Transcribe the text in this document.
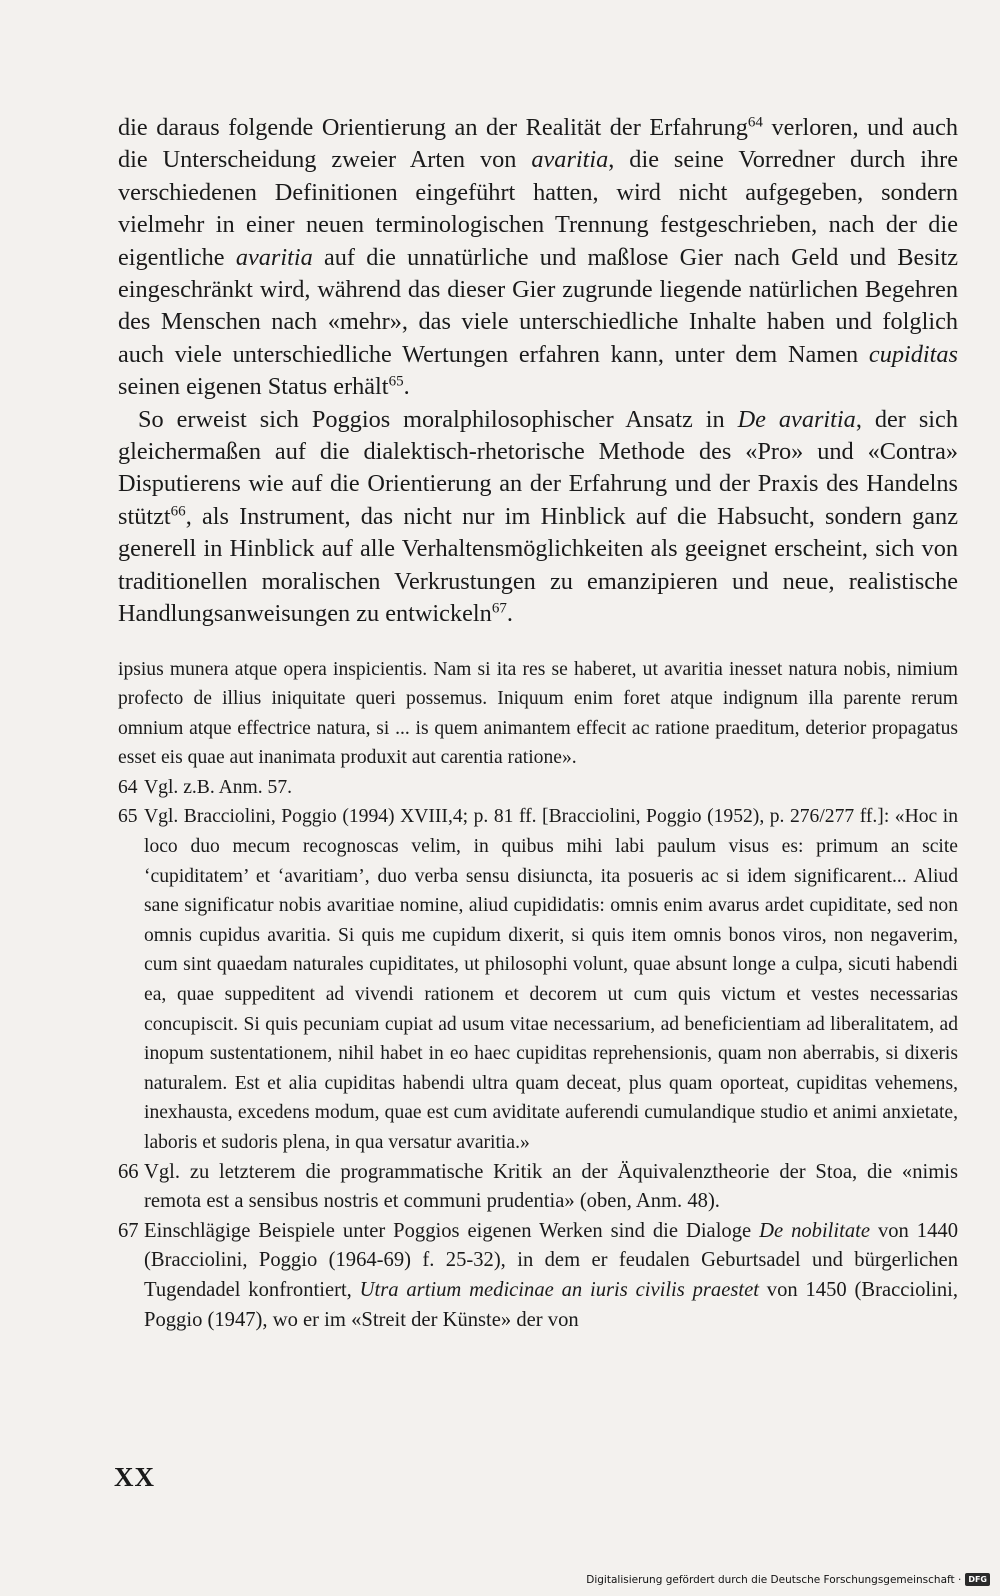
die daraus folgende Orientierung an der Realität der Erfahrung$^{64}$ verloren, und auch die Unterscheidung zweier Arten von avaritia, die seine Vorredner durch ihre verschiedenen Definitionen eingeführt hatten, wird nicht aufgegeben, sondern vielmehr in einer neuen terminologischen Trennung festgeschrieben, nach der die eigentliche avaritia auf die unnatürliche und maßlose Gier nach Geld und Besitz eingeschränkt wird, während das dieser Gier zugrunde liegende natürlichen Begehren des Menschen nach «mehr», das viele unterschiedliche Inhalte haben und folglich auch viele unterschiedliche Wertungen erfahren kann, unter dem Namen cupiditas seinen eigenen Status erhält$^{65}$.

So erweist sich Poggios moralphilosophischer Ansatz in De avaritia, der sich gleichermaßen auf die dialektisch-rhetorische Methode des «Pro» und «Contra» Disputierens wie auf die Orientierung an der Erfahrung und der Praxis des Handelns stützt$^{66}$, als Instrument, das nicht nur im Hinblick auf die Habsucht, sondern ganz generell in Hinblick auf alle Verhaltensmöglichkeiten als geeignet erscheint, sich von traditionellen moralischen Verkrustungen zu emanzipieren und neue, realistische Handlungsanweisungen zu entwickeln$^{67}$.

ipsius munera atque opera inspicientis. Nam si ita res se haberet, ut avaritia inesset natura nobis, nimium profecto de illius iniquitate queri possemus. Iniquum enim foret atque indignum illa parente rerum omnium atque effectrice natura, si ... is quem animantem effecit ac ratione praeditum, deterior propagatus esset eis quae aut inanimata produxit aut carentia ratione».

64 Vgl. z.B. Anm. 57.

65 Vgl. Bracciolini, Poggio (1994) XVIII,4; p. 81 ff. [Bracciolini, Poggio (1952), p. 276/277 ff.]: «Hoc in loco duo mecum recognoscas velim, in quibus mihi labi paulum visus es: primum an scite ‘cupiditatem’ et ‘avaritiam’, duo verba sensu disiuncta, ita posueris ac si idem significarent... Aliud sane significatur nobis avaritiae nomine, aliud cupididatis: omnis enim avarus ardet cupiditate, sed non omnis cupidus avaritia. Si quis me cupidum dixerit, si quis item omnis bonos viros, non negaverim, cum sint quaedam naturales cupiditates, ut philosophi volunt, quae absunt longe a culpa, sicuti habendi ea, quae suppeditent ad vivendi rationem et decorem ut cum quis victum et vestes necessarias concupiscit. Si quis pecuniam cupiat ad usum vitae necessarium, ad beneficientiam ad liberalitatem, ad inopum sustentationem, nihil habet in eo haec cupiditas reprehensionis, quam non aberrabis, si dixeris naturalem. Est et alia cupiditas habendi ultra quam deceat, plus quam oporteat, cupiditas vehemens, inexhausta, excedens modum, quae est cum aviditate auferendi cumulandique studio et animi anxietate, laboris et sudoris plena, in qua versatur avaritia.»

66 Vgl. zu letzterem die programmatische Kritik an der Äquivalenztheorie der Stoa, die «nimis remota est a sensibus nostris et communi prudentia» (oben, Anm. 48).

67 Einschlägige Beispiele unter Poggios eigenen Werken sind die Dialoge De nobilitate von 1440 (Bracciolini, Poggio (1964-69) f. 25-32), in dem er feudalen Geburtsadel und bürgerlichen Tugendadel konfrontiert, Utra artium medicinae an iuris civilis praestet von 1450 (Bracciolini, Poggio (1947), wo er im «Streit der Künste» der von

XX
Digitalisierung gefördert durch die Deutsche Forschungsgemeinschaft · DFG
